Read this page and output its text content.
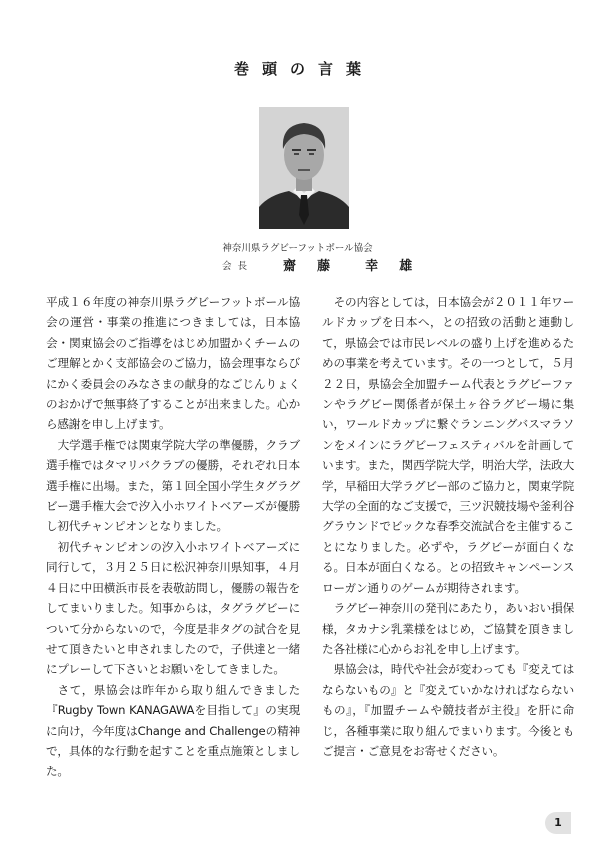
巻頭の言葉
神奈川県ラグビーフットボール協会
会長 齋 藤	幸 雄

平成１６年度の神奈川県ラグビーフットボール協会の運営・事業の推進につきましては，日本協会・関東協会のご指導をはじめ加盟かくチームのご理解とかく支部協会のご協力，協会理事ならびにかく委員会のみなさまの献身的なごじんりょくのおかげで無事終了することが出来ました。心から感謝を申し上げます。

大学選手権では関東学院大学の準優勝，クラブ選手権ではタマリバクラブの優勝，それぞれ日本選手権に出場。また，第１回全国小学生タグラグビー選手権大会で汐入小ホワイトベアーズが優勝し初代チャンピオンとなりました。

初代チャンピオンの汐入小ホワイトベアーズに同行して，３月２５日に松沢神奈川県知事，４月４日に中田横浜市長を表敬訪問し，優勝の報告をしてまいりました。知事からは，タグラグビーについて分からないので，今度是非タグの試合を見せて頂きたいと申されましたので，子供達と一緒にプレーして下さいとお願いをしてきました。

さて，県協会は昨年から取り組んできました『Rugby Town KANAGAWAを目指して』の実現に向け，今年度はChange and Challengeの精神で，具体的な行動を起すことを重点施策としました。

その内容としては，日本協会が２０１１年ワールドカップを日本へ，との招致の活動と連動して，県協会では市民レベルの盛り上げを進めるための事業を考えています。その一つとして，５月２２日，県協会全加盟チーム代表とラグビーファンやラグビー関係者が保土ヶ谷ラグビー場に集い，ワールドカップに繋ぐランニングバスマラソンをメインにラグビーフェスティバルを計画しています。また，関西学院大学，明治大学，法政大学，早稲田大学ラグビー部のご協力と，関東学院大学の全面的なご支援で，三ツ沢競技場や釜利谷グラウンドでビックな春季交流試合を主催することになりました。必ずや，ラグビーが面白くなる。日本が面白くなる。との招致キャンペーンスローガン通りのゲームが期待されます。

ラグビー神奈川の発刊にあたり，あいおい損保様，タカナシ乳業様をはじめ，ご協賛を頂きました各社様に心からお礼を申し上げます。

県協会は，時代や社会が変わっても『変えてはならないもの』と『変えていかなければならないもの』，『加盟チームや競技者が主役』を肝に命じ，各種事業に取り組んでまいります。今後ともご提言・ご意見をお寄せください。

1
